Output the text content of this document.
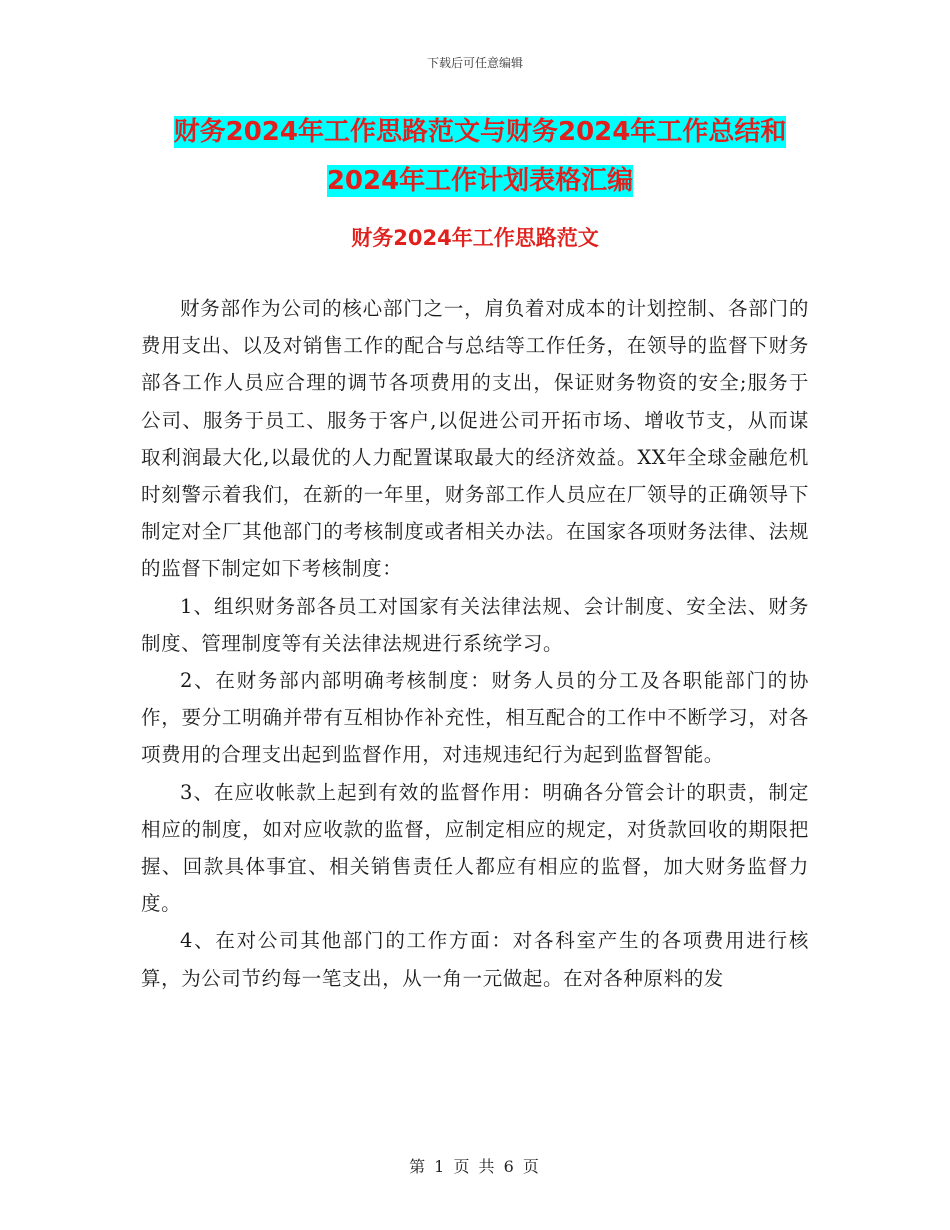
下载后可任意编辑
财务2024年工作思路范文与财务2024年工作总结和
2024年工作计划表格汇编
财务2024年工作思路范文

财务部作为公司的核心部门之一，肩负着对成本的计划控制、各部门的费用支出、以及对销售工作的配合与总结等工作任务，在领导的监督下财务部各工作人员应合理的调节各项费用的支出，保证财务物资的安全;服务于公司、服务于员工、服务于客户,以促进公司开拓市场、增收节支，从而谋取利润最大化,以最优的人力配置谋取最大的经济效益。XX年全球金融危机时刻警示着我们，在新的一年里，财务部工作人员应在厂领导的正确领导下制定对全厂其他部门的考核制度或者相关办法。在国家各项财务法律、法规的监督下制定如下考核制度：

1、组织财务部各员工对国家有关法律法规、会计制度、安全法、财务制度、管理制度等有关法律法规进行系统学习。

2、在财务部内部明确考核制度：财务人员的分工及各职能部门的协作，要分工明确并带有互相协作补充性，相互配合的工作中不断学习，对各项费用的合理支出起到监督作用，对违规违纪行为起到监督智能。

3、在应收帐款上起到有效的监督作用：明确各分管会计的职责，制定相应的制度，如对应收款的监督，应制定相应的规定，对货款回收的期限把握、回款具体事宜、相关销售责任人都应有相应的监督，加大财务监督力度。

4、在对公司其他部门的工作方面：对各科室产生的各项费用进行核算，为公司节约每一笔支出，从一角一元做起。在对各种原料的发

第 1 页 共 6 页
